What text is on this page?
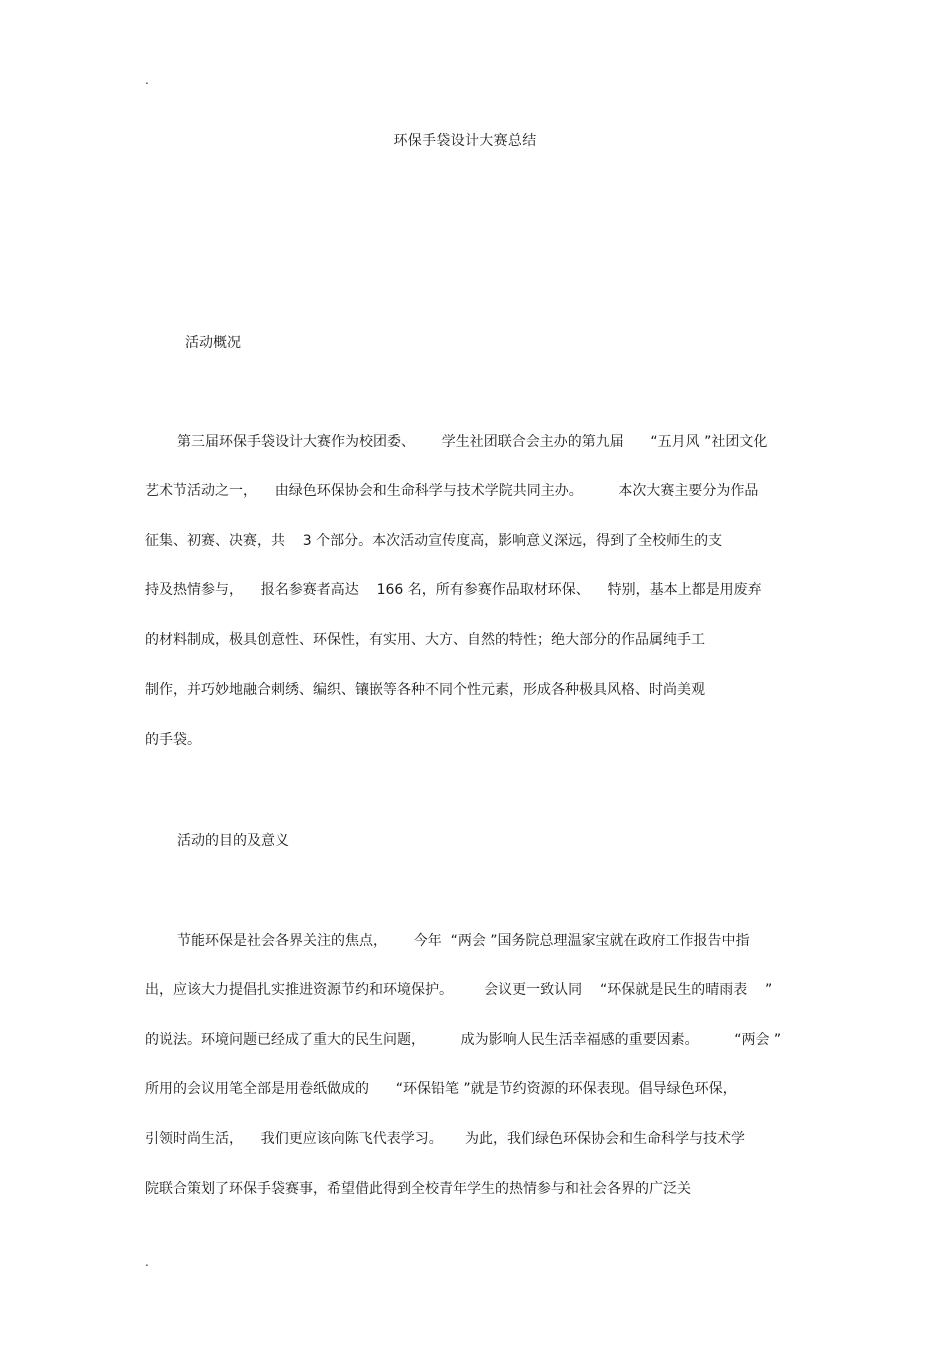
.
环保手袋设计大赛总结
活动概况
第三届环保手袋设计大赛作为校团委、      学生社团联合会主办的第九届      “五月风 ”社团文化
艺术节活动之一，    由绿色环保协会和生命科学与技术学院共同主办。        本次大赛主要分为作品
征集、初赛、决赛，共    3 个部分。本次活动宣传度高，影响意义深远，得到了全校师生的支
持及热情参与，    报名参赛者高达    166 名，所有参赛作品取材环保、    特别，基本上都是用废弃
的材料制成，极具创意性、环保性，有实用、大方、自然的特性；绝大部分的作品属纯手工
制作，并巧妙地融合刺绣、编织、镶嵌等各种不同个性元素，形成各种极具风格、时尚美观
的手袋。
活动的目的及意义
节能环保是社会各界关注的焦点，      今年  “两会 ”国务院总理温家宝就在政府工作报告中指
出，应该大力提倡扎实推进资源节约和环境保护。       会议更一致认同    “环保就是民生的晴雨表    ”
的说法。环境问题已经成了重大的民生问题，        成为影响人民生活幸福感的重要因素。        “两会 ”
所用的会议用笔全部是用卷纸做成的      “环保铅笔 ”就是节约资源的环保表现。倡导绿色环保，
引领时尚生活，    我们更应该向陈飞代表学习。     为此，我们绿色环保协会和生命科学与技术学
院联合策划了环保手袋赛事，希望借此得到全校青年学生的热情参与和社会各界的广泛关
.
